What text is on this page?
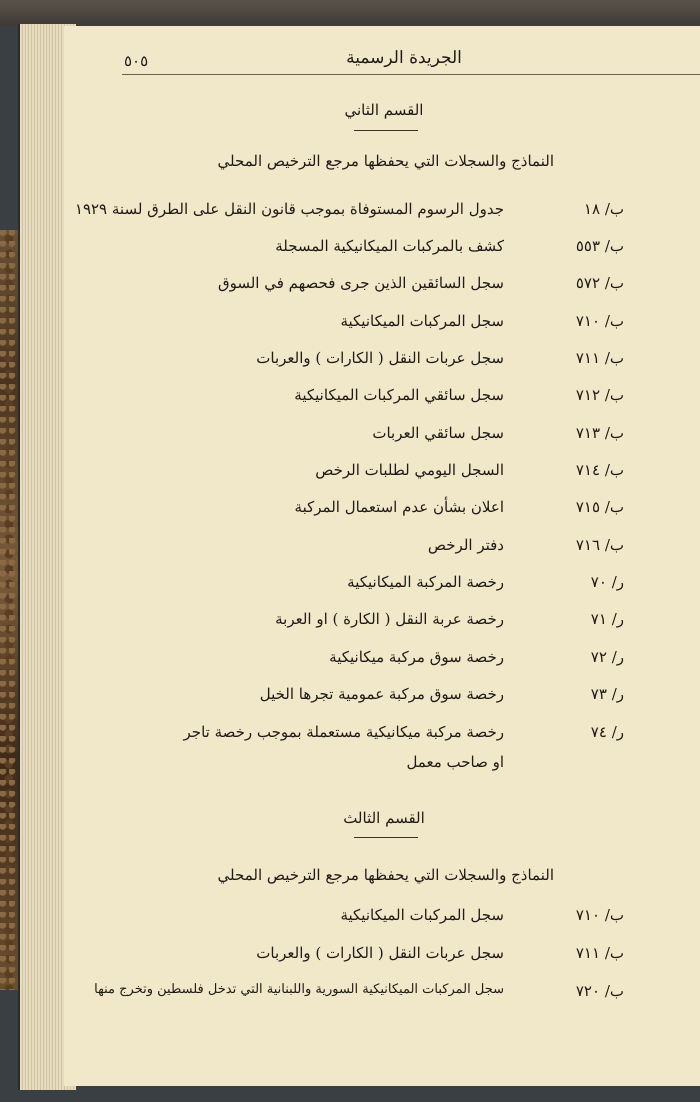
٥٠٥	الجريدة الرسمية
القسم الثاني
النماذج والسجلات التي يحفظها مرجع الترخيص المحلي
ب/ ١٨
جدول الرسوم المستوفاة بموجب قانون النقل على الطرق لسنة ١٩٢٩
ب/ ٥٥٣
كشف بالمركبات الميكانيكية المسجلة
ب/ ٥٧٢
سجل السائقين الذين جرى فحصهم في السوق
ب/ ٧١٠
سجل المركبات الميكانيكية
ب/ ٧١١
سجل عربات النقل ( الكارات ) والعربات
ب/ ٧١٢
سجل سائقي المركبات الميكانيكية
ب/ ٧١٣
سجل سائقي العربات
ب/ ٧١٤
السجل اليومي لطلبات الرخص
ب/ ٧١٥
اعلان بشأن عدم استعمال المركبة
ب/ ٧١٦
دفتر الرخص
ر/ ٧٠
رخصة المركبة الميكانيكية
ر/ ٧١
رخصة عربة النقل ( الكارة ) او العربة
ر/ ٧٢
رخصة سوق مركبة ميكانيكية
ر/ ٧٣
رخصة سوق مركبة عمومية تجرها الخيل
ر/ ٧٤
رخصة مركبة ميكانيكية مستعملة بموجب رخصة تاجر
او صاحب معمل
القسم الثالث
النماذج والسجلات التي يحفظها مرجع الترخيص المحلي
ب/ ٧١٠
سجل المركبات الميكانيكية
ب/ ٧١١
سجل عربات النقل ( الكارات ) والعربات
ب/ ٧٢٠
سجل المركبات الميكانيكية السورية واللبنانية التي تدخل فلسطين وتخرج منها
